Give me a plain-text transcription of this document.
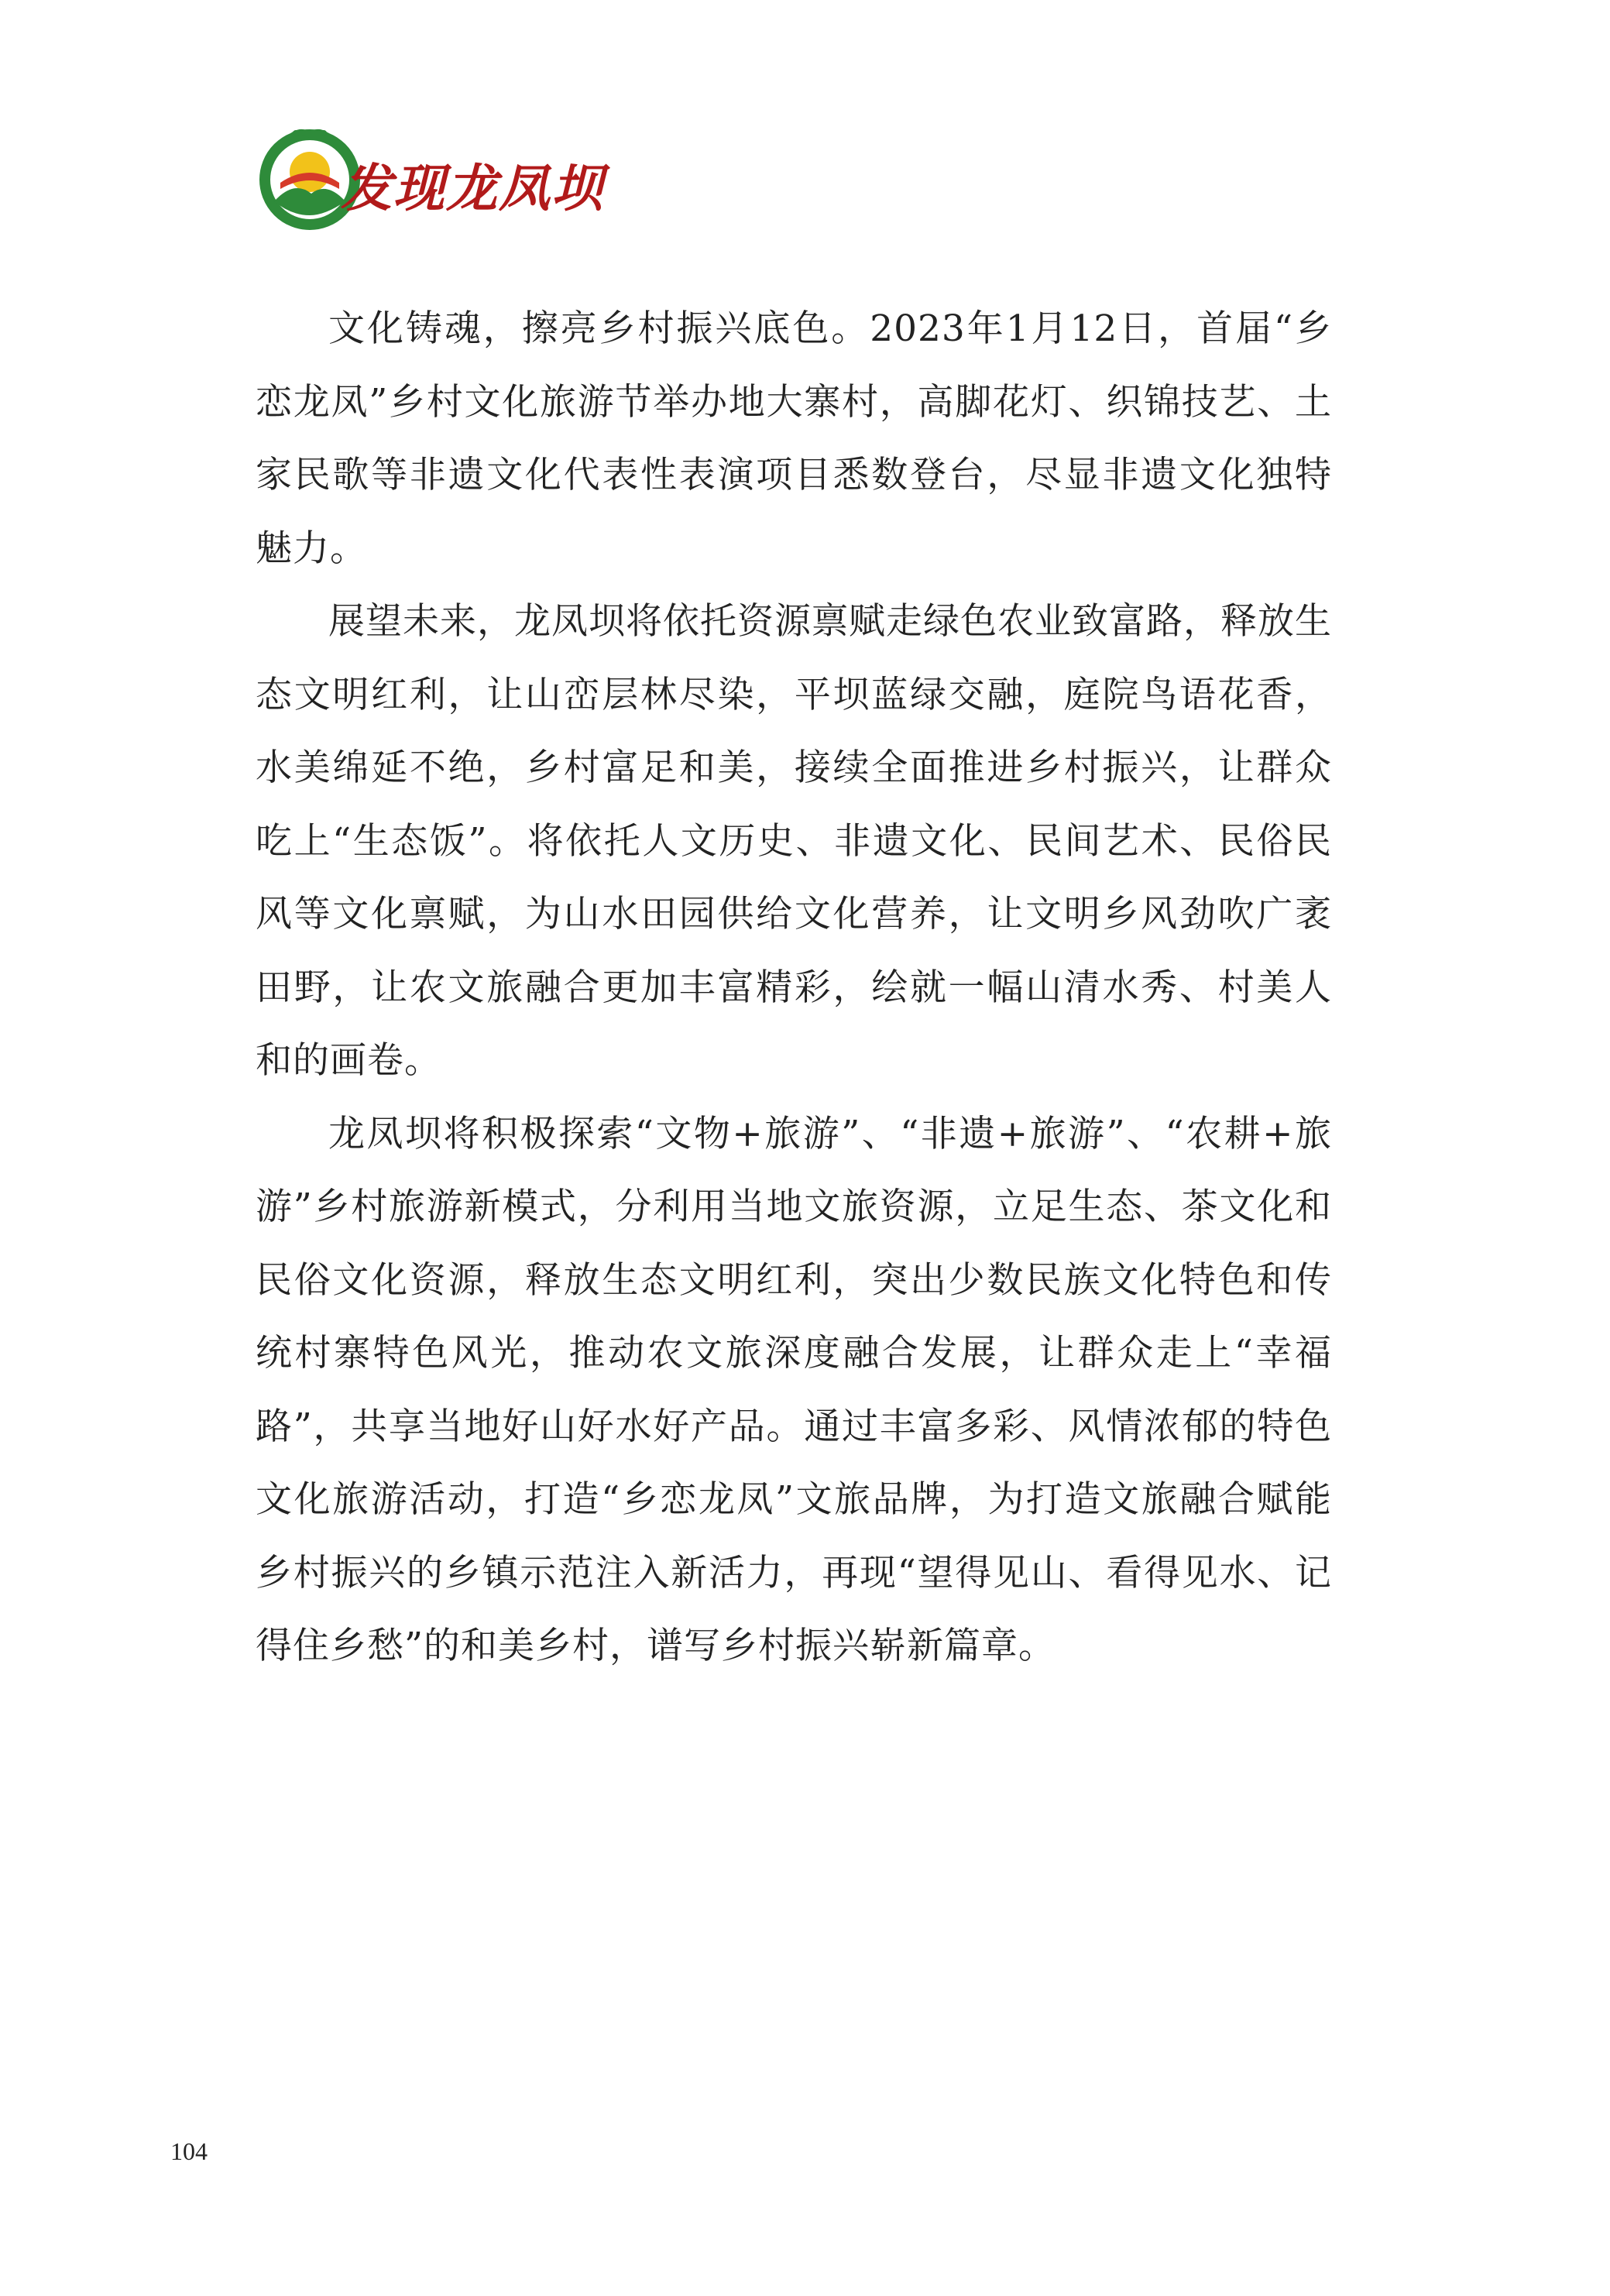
发现龙凤坝

文化铸魂，擦亮乡村振兴底色。2023年1月12日，首届“乡恋龙凤”乡村文化旅游节举办地大寨村，高脚花灯、织锦技艺、土家民歌等非遗文化代表性表演项目悉数登台，尽显非遗文化独特魅力。

展望未来，龙凤坝将依托资源禀赋走绿色农业致富路，释放生态文明红利，让山峦层林尽染，平坝蓝绿交融，庭院鸟语花香，水美绵延不绝，乡村富足和美，接续全面推进乡村振兴，让群众吃上“生态饭”。将依托人文历史、非遗文化、民间艺术、民俗民风等文化禀赋，为山水田园供给文化营养，让文明乡风劲吹广袤田野，让农文旅融合更加丰富精彩，绘就一幅山清水秀、村美人和的画卷。

龙凤坝将积极探索“文物+旅游”、“非遗+旅游”、“农耕+旅游”乡村旅游新模式，分利用当地文旅资源，立足生态、茶文化和民俗文化资源，释放生态文明红利，突出少数民族文化特色和传统村寨特色风光，推动农文旅深度融合发展，让群众走上“幸福路”，共享当地好山好水好产品。通过丰富多彩、风情浓郁的特色文化旅游活动，打造“乡恋龙凤”文旅品牌，为打造文旅融合赋能乡村振兴的乡镇示范注入新活力，再现“望得见山、看得见水、记得住乡愁”的和美乡村，谱写乡村振兴崭新篇章。

104
